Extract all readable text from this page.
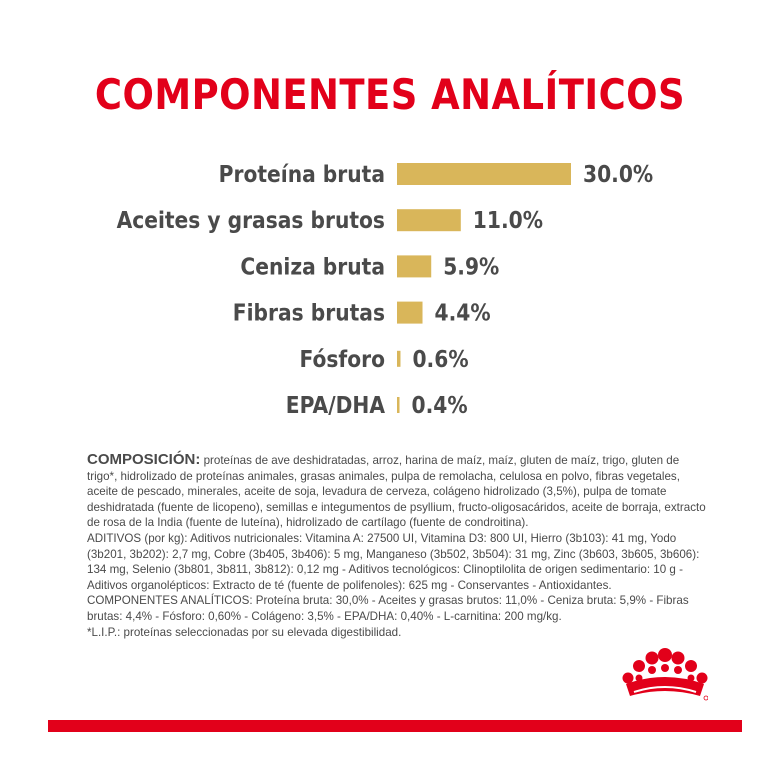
COMPONENTES ANALÍTICOS
Proteína bruta	30.0%
Aceites y grasas brutos	11.0%
Ceniza bruta	5.9%
Fibras brutas 4.4%
Fósforo 0.6%
EPA/DHA 0.4%

COMPOSICIÓN: proteínas de ave deshidratadas, arroz, harina de maíz, maíz, gluten de maíz, trigo, gluten de trigo*, hidrolizado de proteínas animales, grasas animales, pulpa de remolacha, celulosa en polvo, fibras vegetales, aceite de pescado, minerales, aceite de soja, levadura de cerveza, colágeno hidrolizado (3,5%), pulpa de tomate deshidratada (fuente de licopeno), semillas e integumentos de psyllium, fructo-oligosacáridos, aceite de borraja, extracto de rosa de la India (fuente de luteína), hidrolizado de cartílago (fuente de condroitina).

ADITIVOS (por kg): Aditivos nutricionales: Vitamina A: 27500 UI, Vitamina D3: 800 UI, Hierro (3b103): 41 mg, Yodo (3b201, 3b202): 2,7 mg, Cobre (3b405, 3b406): 5 mg, Manganeso (3b502, 3b504): 31 mg, Zinc (3b603, 3b605, 3b606): 134 mg, Selenio (3b801, 3b811, 3b812): 0,12 mg - Aditivos tecnológicos: Clinoptilolita de origen sedimentario: 10 g - Aditivos organolépticos: Extracto de té (fuente de polifenoles): 625 mg - Conservantes - Antioxidantes.

COMPONENTES ANALÍTICOS: Proteína bruta: 30,0% - Aceites y grasas brutos: 11,0% - Ceniza bruta: 5,9% - Fibras brutas: 4,4% - Fósforo: 0,60% - Colágeno: 3,5% - EPA/DHA: 0,40% - L-carnitina: 200 mg/kg.

*L.I.P.: proteínas seleccionadas por su elevada digestibilidad.
